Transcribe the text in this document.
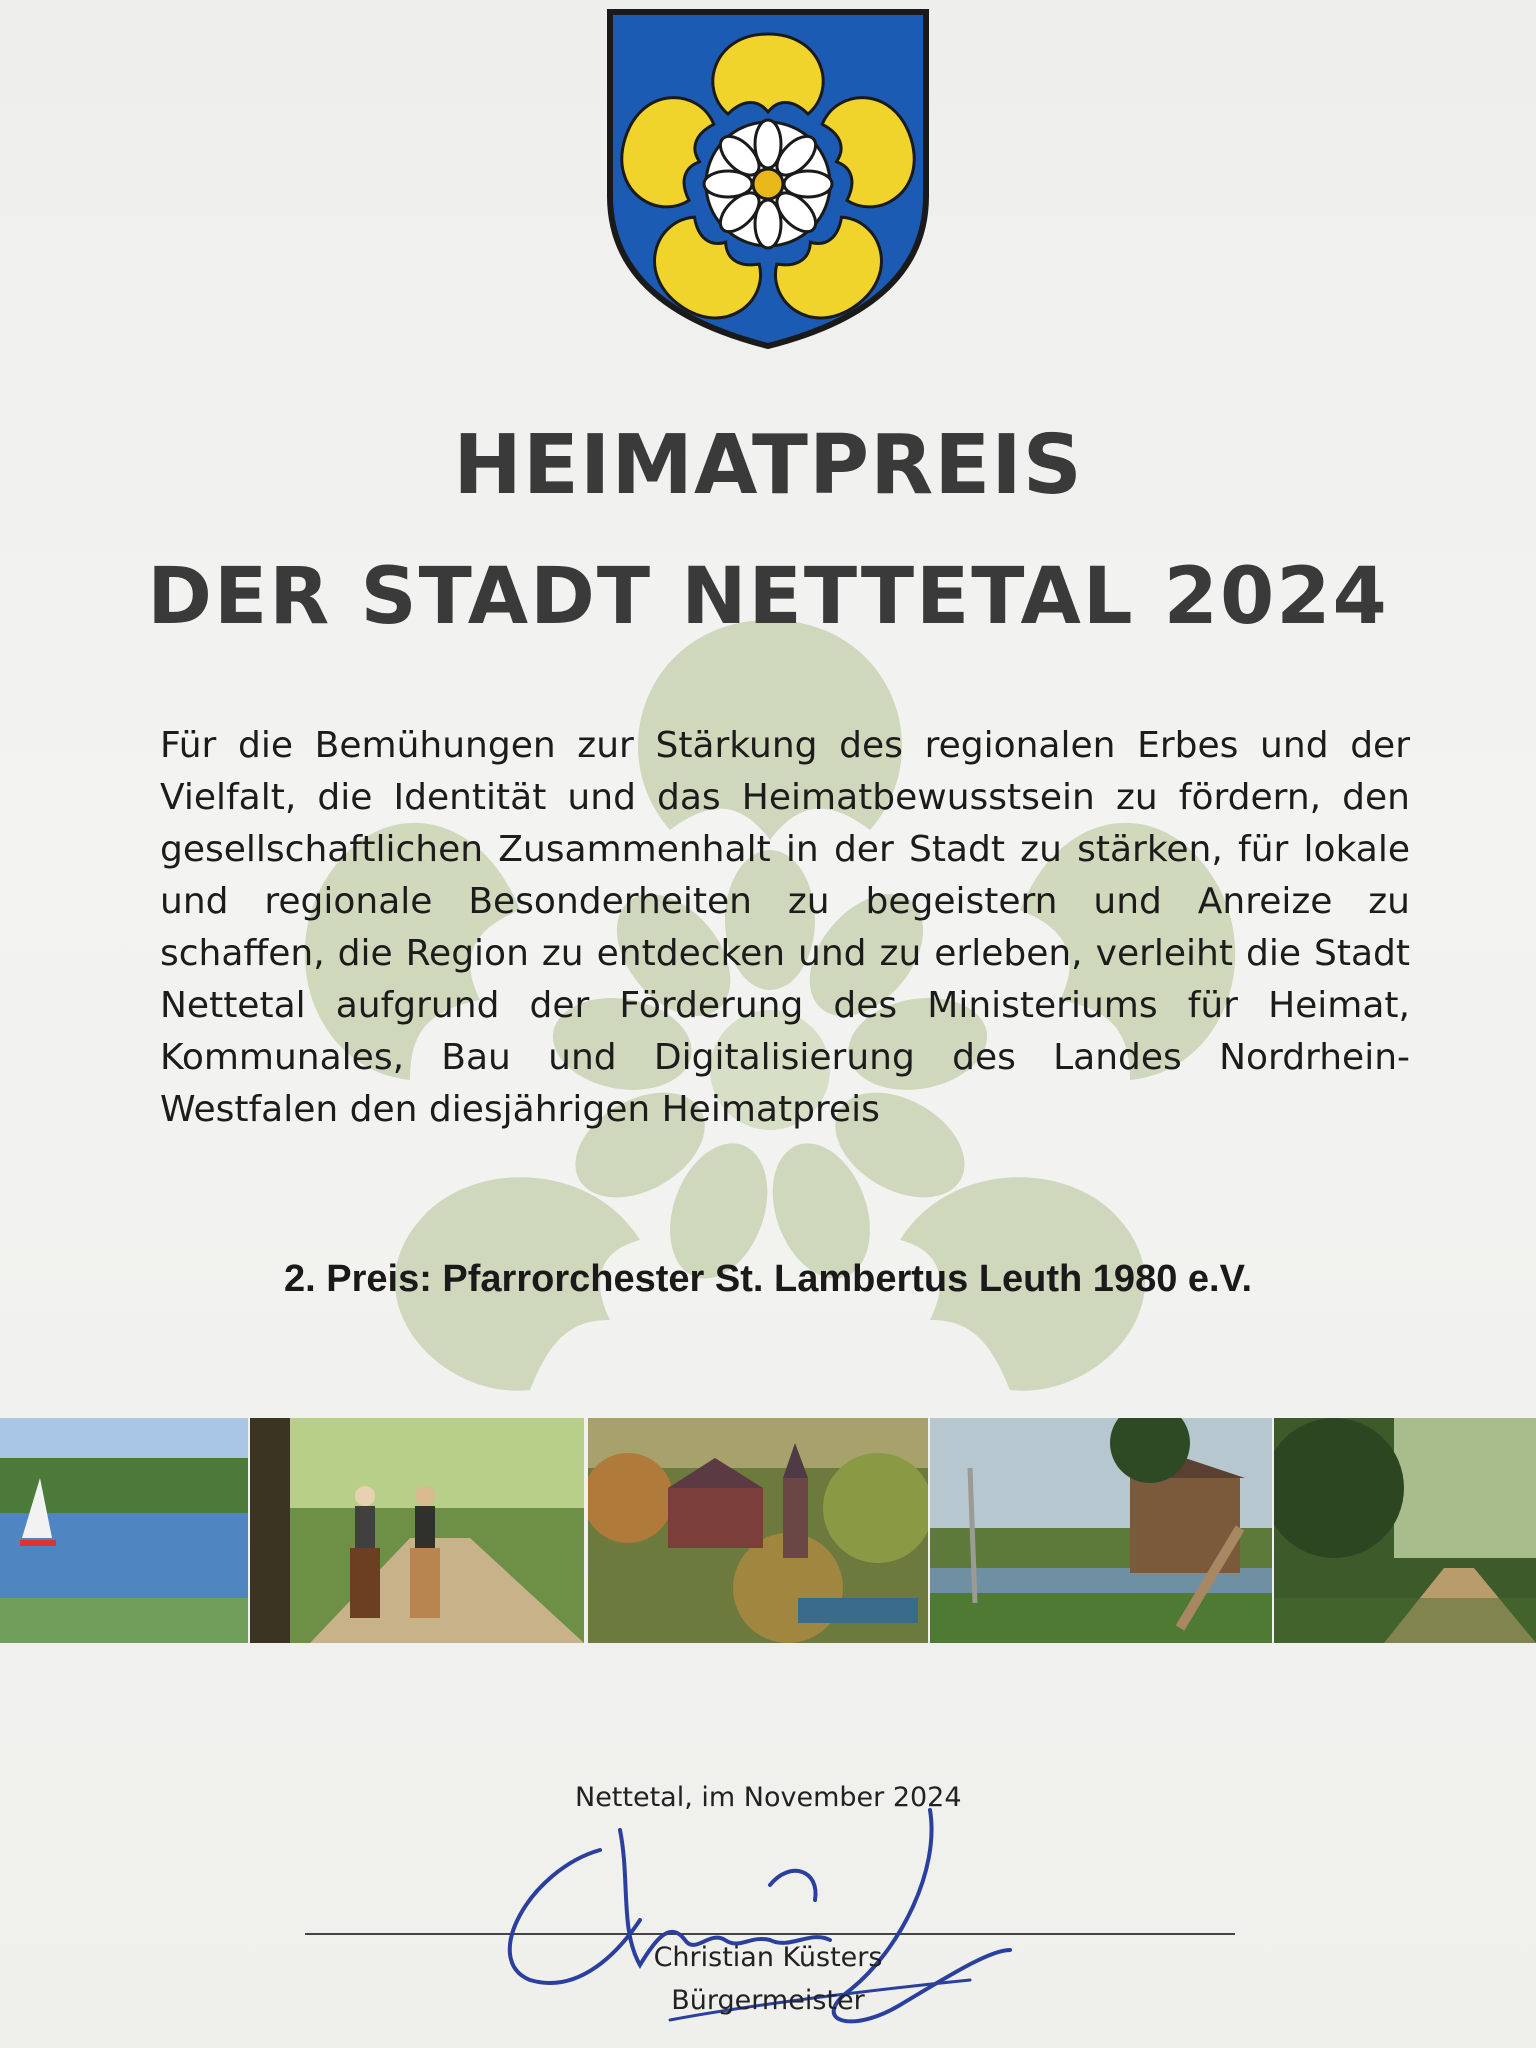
HEIMATPREIS
DER STADT NETTETAL 2024

Für die Bemühungen zur Stärkung des regionalen Erbes und der Vielfalt, die Identität und das Heimatbewusstsein zu fördern, den gesellschaftlichen Zusammenhalt in der Stadt zu stärken, für lokale und regionale Besonderheiten zu begeistern und Anreize zu schaffen, die Region zu entdecken und zu erleben, verleiht die Stadt Nettetal aufgrund der Förderung des Ministeriums für Heimat, Kommunales, Bau und Digitalisierung des Landes Nordrhein-Westfalen den diesjährigen Heimatpreis

2. Preis: Pfarrorchester St. Lambertus Leuth 1980 e.V.
Nettetal, im November 2024
Christian Küsters
Bürgermeister
